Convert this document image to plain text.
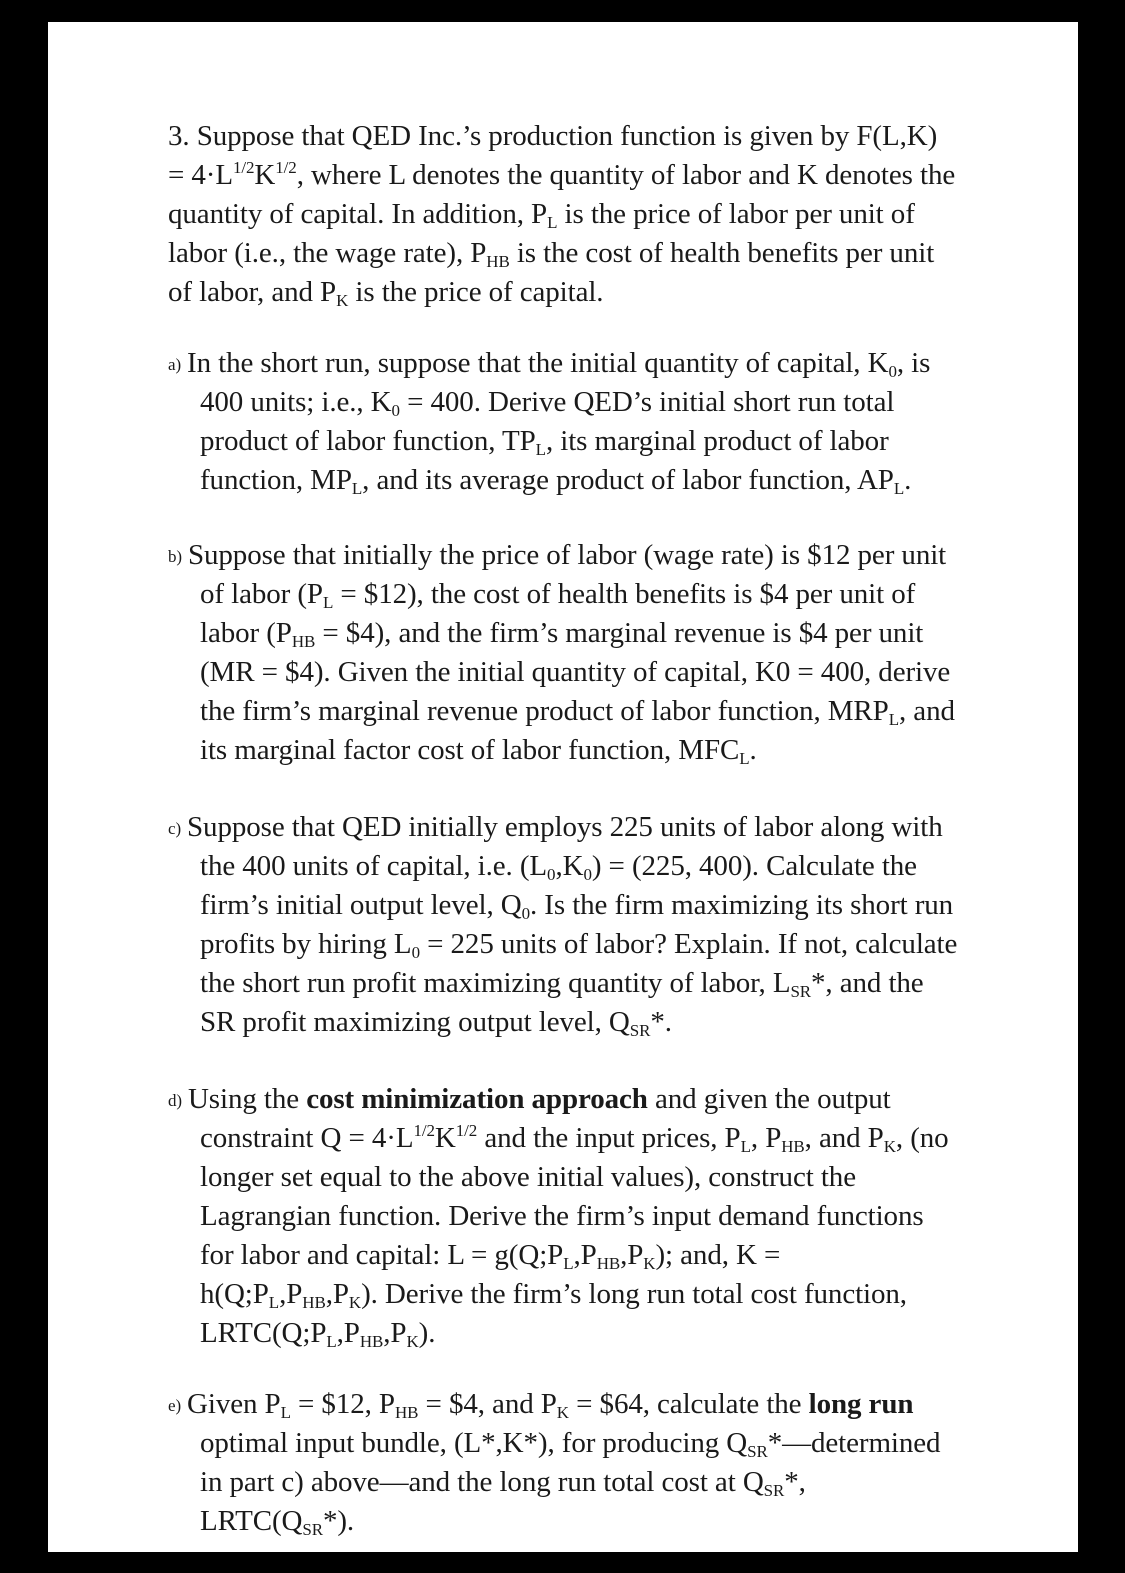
3. Suppose that QED Inc.’s production function is given by F(L,K)
= $4\cdot L^{1/2}K^{1/2}$, where L denotes the quantity of labor and K denotes the
quantity of capital. In addition, $P_L$ is the price of labor per unit of
labor (i.e., the wage rate), $P_{HB}$ is the cost of health benefits per unit
of labor, and $P_K$ is the price of capital.
a) In the short run, suppose that the initial quantity of capital, $K_0$, is
400 units; i.e., $K_0 = 400$. Derive QED’s initial short run total
product of labor function, $TP_L$, its marginal product of labor
function, $MP_L$, and its average product of labor function, $AP_L$.
b) Suppose that initially the price of labor (wage rate) is $12 per unit
of labor ($P_L$ = $12), the cost of health benefits is $4 per unit of
labor ($P_{HB}$ = $4), and the firm’s marginal revenue is $4 per unit
(MR = $4). Given the initial quantity of capital, K0 = 400, derive
the firm’s marginal revenue product of labor function, $MRP_L$, and
its marginal factor cost of labor function, $MFC_L$.
c) Suppose that QED initially employs 225 units of labor along with
the 400 units of capital, i.e. $(L_0,K_0) = (225$, 400). Calculate the
firm’s initial output level, $Q_0$. Is the firm maximizing its short run
profits by hiring $L_0 = 225$ units of labor? Explain. If not, calculate
the short run profit maximizing quantity of labor, $L_{SR}*$, and the
SR profit maximizing output level, $Q_{SR}*$.
d) Using the cost minimization approach and given the output
constraint $Q = 4\cdot L^{1/2}K^{1/2}$ and the input prices, $P_L$, $P_{HB}$, and $P_K$, (no
longer set equal to the above initial values), construct the
Lagrangian function. Derive the firm’s input demand functions
for labor and capital: $L = g(Q;P_L,P_{HB},P_K)$; and, K =
$h(Q;P_L,P_{HB},P_K)$. Derive the firm’s long run total cost function,
$LRTC(Q;P_L,P_{HB},P_K)$.
e) Given $P_L$ = $12, $P_{HB}$ = $4, and $P_K$ = $64, calculate the long run
optimal input bundle, (L*,K*), for producing $Q_{SR}*—determined$
in part c) above—and the long run total cost at $Q_{SR}*$,
$LRTC(Q_{SR}*)$.
